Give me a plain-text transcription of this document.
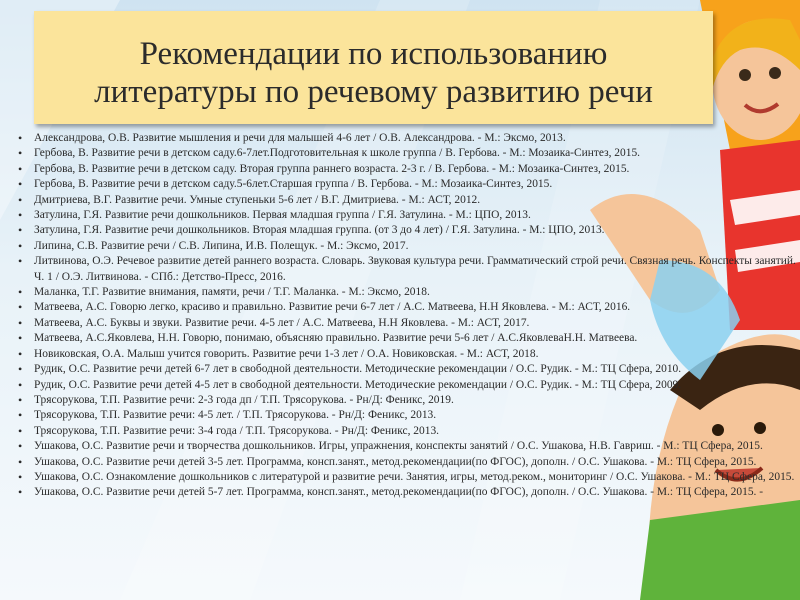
Рекомендации по использованию
литературы по речевому развитию речи
• Александрова, О.В. Развитие мышления и речи для малышей 4-6 лет / О.В. Александрова. - М.: Эксмо, 2013.
• Гербова, В. Развитие речи в детском саду.6-7лет.Подготовительная к школе группа / В. Гербова. - М.: Мозаика-Синтез, 2015.
• Гербова, В. Развитие речи в детском саду. Вторая группа раннего возраста. 2-3 г. / В. Гербова. - М.: Мозаика-Синтез, 2015.
• Гербова, В. Развитие речи в детском саду.5-6лет.Старшая группа / В. Гербова. - М.: Мозаика-Синтез, 2015.
• Дмитриева, В.Г. Развитие речи. Умные ступеньки 5-6 лет / В.Г. Дмитриева. - М.: АСТ, 2012.
• Затулина, Г.Я. Развитие речи дошкольников. Первая младшая группа / Г.Я. Затулина. - М.: ЦПО, 2013.
• Затулина, Г.Я. Развитие речи дошкольников. Вторая младшая группа. (от 3 до 4 лет) / Г.Я. Затулина. - М.: ЦПО, 2013.
• Липина, С.В. Развитие речи / С.В. Липина, И.В. Полещук. - М.: Эксмо, 2017.
• Литвинова, О.Э. Речевое развитие детей раннего возраста. Словарь. Звуковая культура речи. Грамматический строй речи. Связная речь. Конспекты занятий. Ч. 1 / О.Э. Литвинова. - СПб.: Детство-Пресс, 2016.
• Маланка, Т.Г. Развитие внимания, памяти, речи / Т.Г. Маланка. - М.: Эксмо, 2018.
• Матвеева, А.С. Говорю легко, красиво и правильно. Развитие речи 6-7 лет / А.С. Матвеева, Н.Н Яковлева. - М.: АСТ, 2016.
• Матвеева, А.С. Буквы и звуки. Развитие речи. 4-5 лет / А.С. Матвеева, Н.Н Яковлева. - М.: АСТ, 2017.
• Матвеева, А.С.Яковлева, Н.Н. Говорю, понимаю, объясняю правильно. Развитие речи 5-6 лет / А.С.ЯковлеваН.Н. Матвеева.
• Новиковская, О.А. Малыш учится говорить. Развитие речи 1-3 лет / О.А. Новиковская. - М.: АСТ, 2018.
• Рудик, О.С. Развитие речи детей 6-7 лет в свободной деятельности. Методические рекомендации / О.С. Рудик. - М.: ТЦ Сфера, 2010.
• Рудик, О.С. Развитие речи детей 4-5 лет в свободной деятельности. Методические рекомендации / О.С. Рудик. - М.: ТЦ Сфера, 2009.
• Трясорукова, Т.П. Развитие речи: 2-3 года дп / Т.П. Трясорукова. - Рн/Д: Феникс, 2019.
• Трясорукова, Т.П. Развитие речи: 4-5 лет. / Т.П. Трясорукова. - Рн/Д: Феникс, 2013.
• Трясорукова, Т.П. Развитие речи: 3-4 года / Т.П. Трясорукова. - Рн/Д: Феникс, 2013.
• Ушакова, О.С. Развитие речи и творчества дошкольников. Игры, упражнения, конспекты занятий / О.С. Ушакова, Н.В. Гавриш. - М.: ТЦ Сфера, 2015.
• Ушакова, О.С. Развитие речи детей 3-5 лет. Программа, консп.занят., метод.рекомендации(по ФГОС), дополн. / О.С. Ушакова. - М.: ТЦ Сфера, 2015.
• Ушакова, О.С. Ознакомление дошкольников с литературой и развитие речи. Занятия, игры, метод.реком., мониторинг / О.С. Ушакова. - М.: ТЦ Сфера, 2015.
• Ушакова, О.С. Развитие речи детей 5-7 лет. Программа, консп.занят., метод.рекомендации(по ФГОС), дополн. / О.С. Ушакова. - М.: ТЦ Сфера, 2015. -
